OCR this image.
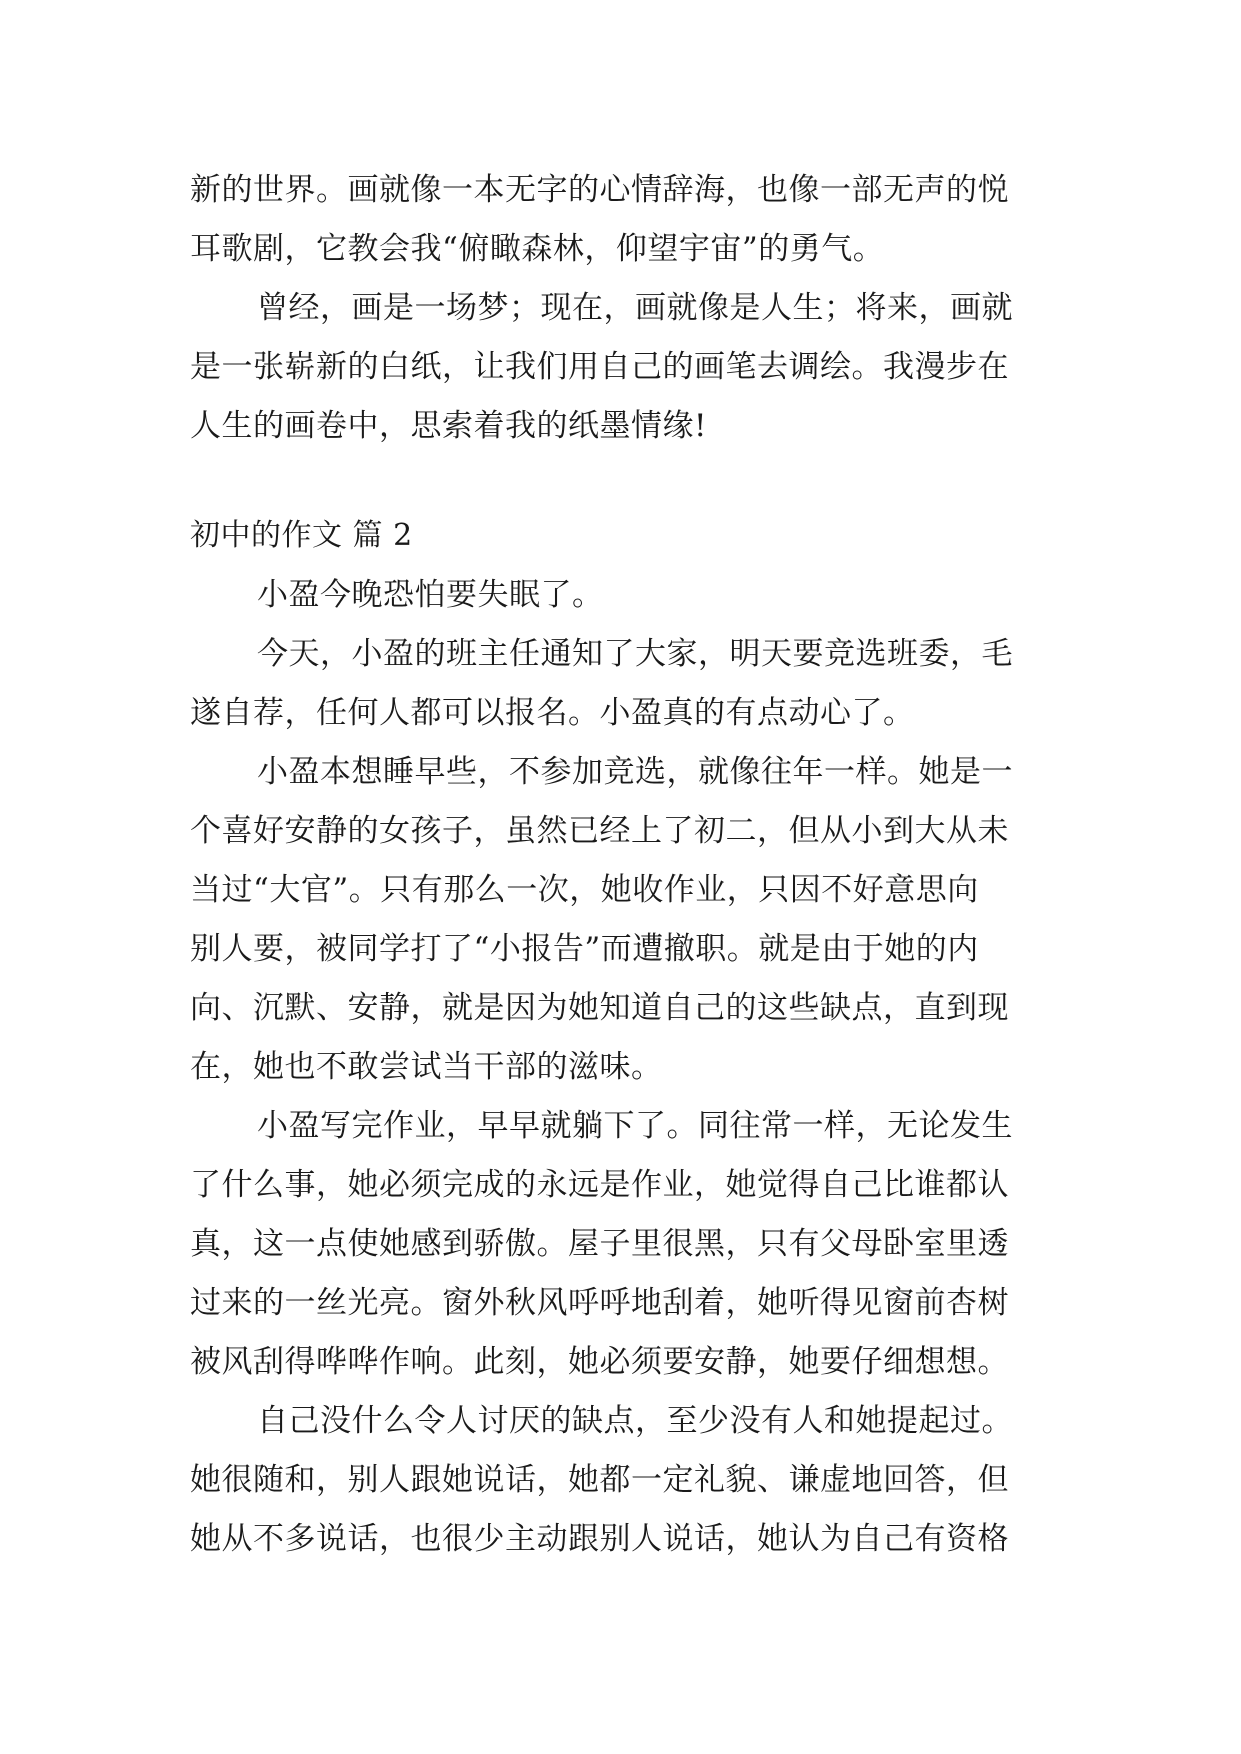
新的世界。画就像一本无字的心情辞海，也像一部无声的悦
耳歌剧，它教会我“俯瞰森林，仰望宇宙”的勇气。
曾经，画是一场梦；现在，画就像是人生；将来，画就
是一张崭新的白纸，让我们用自己的画笔去调绘。我漫步在
人生的画卷中，思索着我的纸墨情缘!
初中的作文 篇 2
小盈今晚恐怕要失眠了。
今天，小盈的班主任通知了大家，明天要竞选班委，毛
遂自荐，任何人都可以报名。小盈真的有点动心了。
小盈本想睡早些，不参加竞选，就像往年一样。她是一
个喜好安静的女孩子，虽然已经上了初二，但从小到大从未
当过“大官”。只有那么一次，她收作业，只因不好意思向
别人要，被同学打了“小报告”而遭撤职。就是由于她的内
向、沉默、安静，就是因为她知道自己的这些缺点，直到现
在，她也不敢尝试当干部的滋味。
小盈写完作业，早早就躺下了。同往常一样，无论发生
了什么事，她必须完成的永远是作业，她觉得自己比谁都认
真，这一点使她感到骄傲。屋子里很黑，只有父母卧室里透
过来的一丝光亮。窗外秋风呼呼地刮着，她听得见窗前杏树
被风刮得哗哗作响。此刻，她必须要安静，她要仔细想想。
自己没什么令人讨厌的缺点，至少没有人和她提起过。
她很随和，别人跟她说话，她都一定礼貌、谦虚地回答，但
她从不多说话，也很少主动跟别人说话，她认为自己有资格
